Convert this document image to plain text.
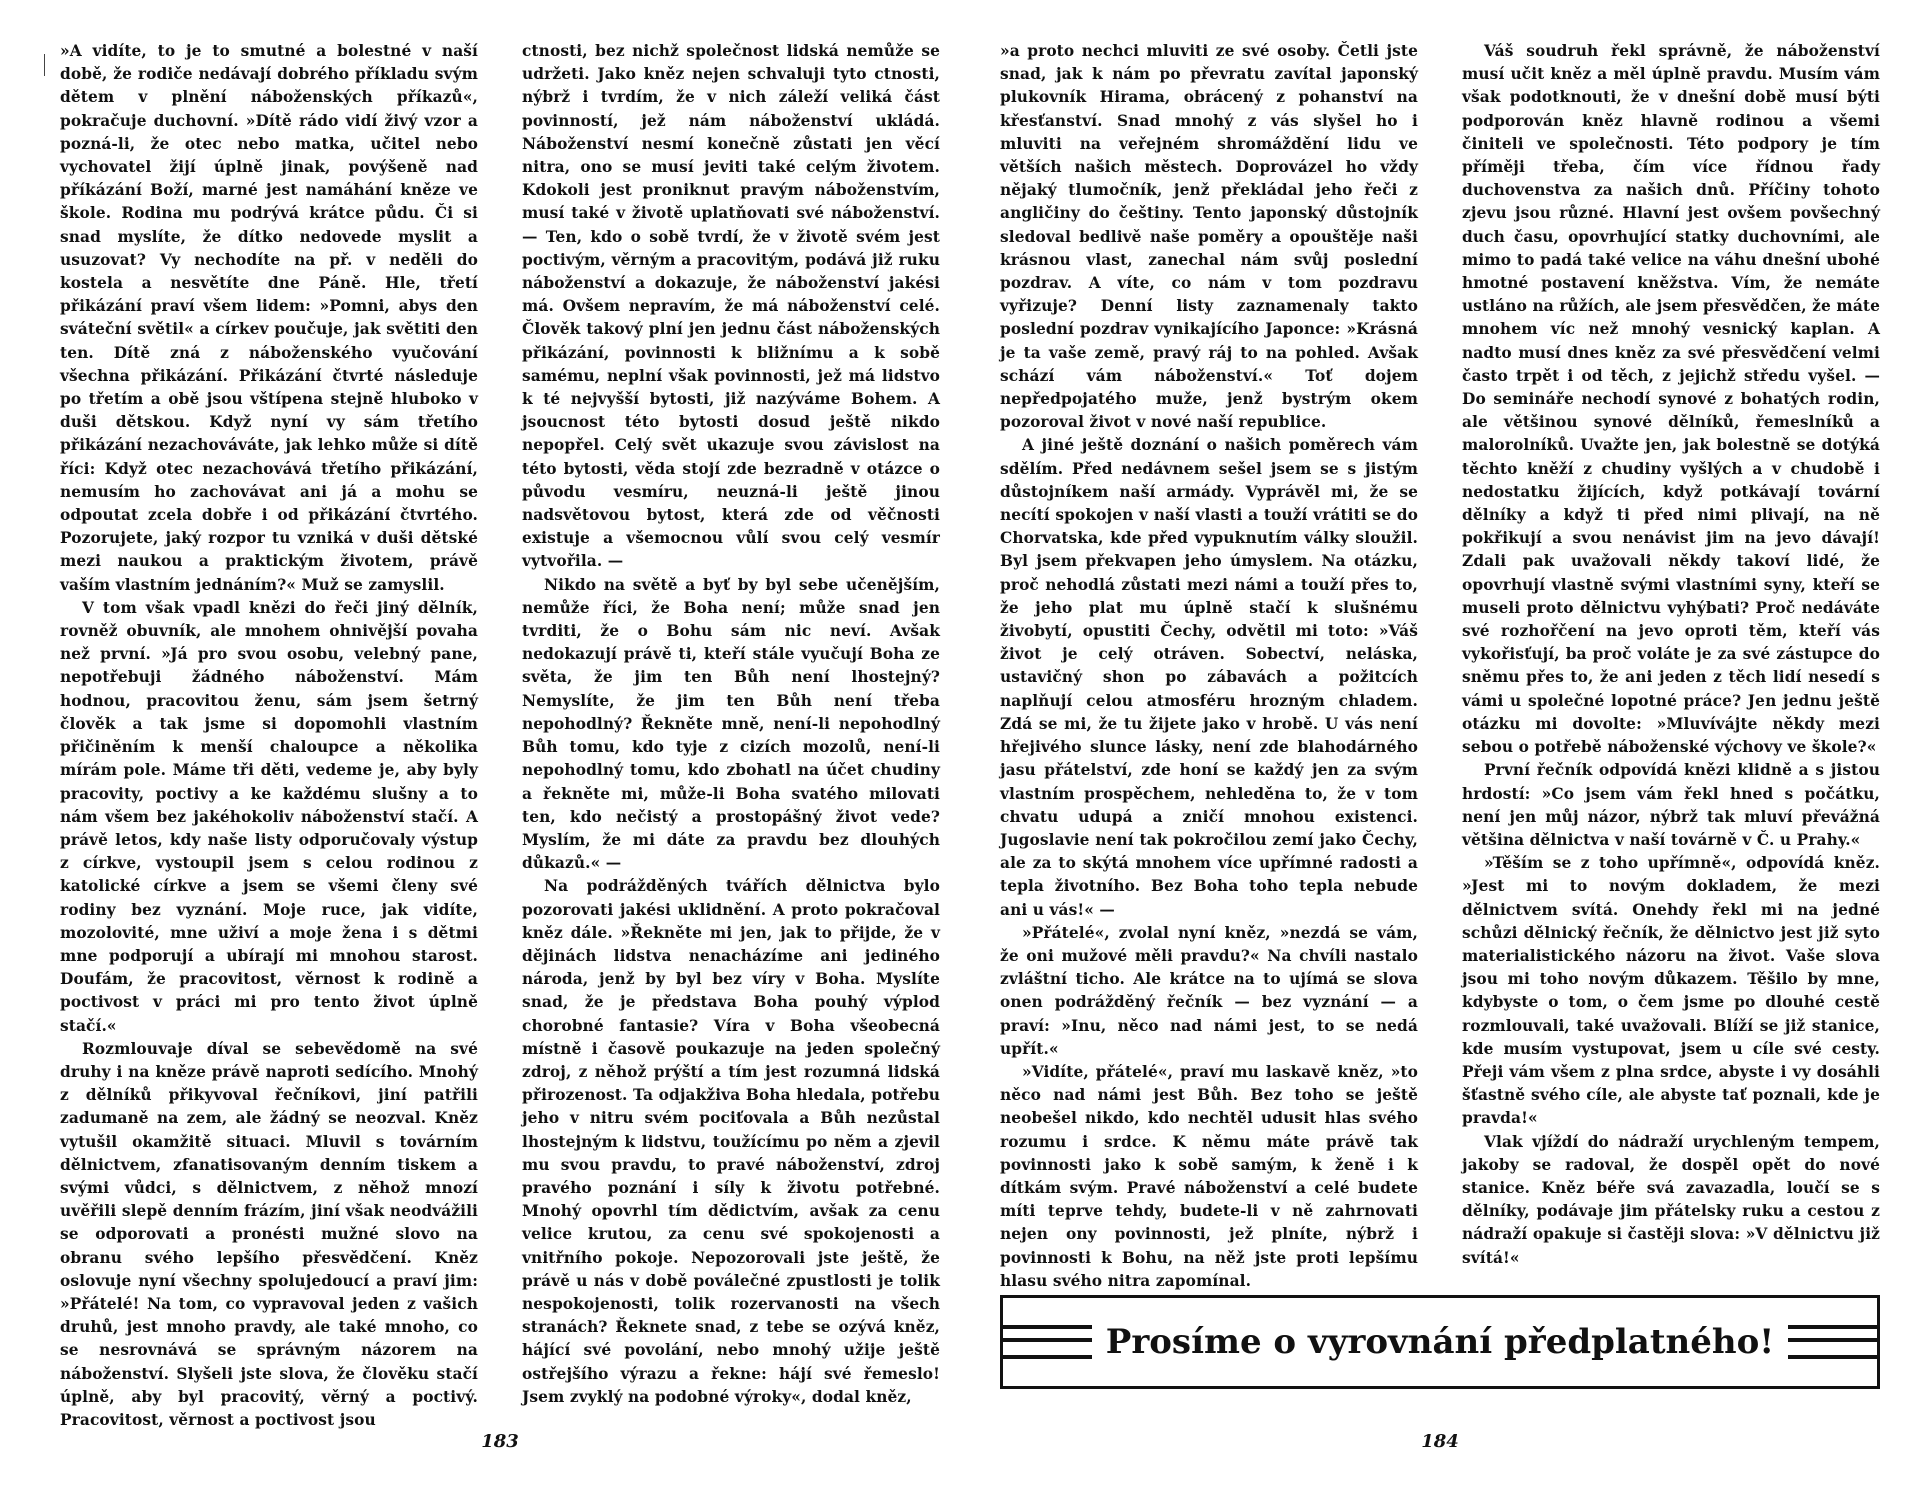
»A vidíte, to je to smutné a bolestné v naší době, že rodiče nedávají dobrého příkladu svým dětem v plnění náboženských příkazů«, pokračuje duchovní. »Dítě rádo vidí živý vzor a pozná-li, že otec nebo matka, učitel nebo vychovatel žijí úplně jinak, povýšeně nad příkázání Boží, marné jest namáhání kněze ve škole. Rodina mu podrývá krátce půdu. Či si snad myslíte, že dítko nedovede myslit a usuzovat? Vy nechodíte na př. v neděli do kostela a nesvětíte dne Páně. Hle, třetí přikázání praví všem lidem: »Pomni, abys den sváteční světil« a církev poučuje, jak světiti den ten. Dítě zná z náboženského vyučování všechna přikázání. Přikázání čtvrté následuje po třetím a obě jsou vštípena stejně hluboko v duši dětskou. Když nyní vy sám třetího přikázání nezachováváte, jak lehko může si dítě říci: Když otec nezachovává třetího přikázání, nemusím ho zachovávat ani já a mohu se odpoutat zcela dobře i od přikázání čtvrtého. Pozorujete, jaký rozpor tu vzniká v duši dětské mezi naukou a praktickým životem, právě vaším vlastním jednáním?« Muž se zamyslil.

V tom však vpadl knězi do řeči jiný dělník, rovněž obuvník, ale mnohem ohnivější povaha než první. »Já pro svou osobu, velebný pane, nepotřebuji žádného náboženství. Mám hodnou, pracovitou ženu, sám jsem šetrný člověk a tak jsme si dopomohli vlastním přičiněním k menší chaloupce a několika mírám pole. Máme tři děti, vedeme je, aby byly pracovity, poctivy a ke každému slušny a to nám všem bez jakéhokoliv náboženství stačí. A právě letos, kdy naše listy odporučovaly výstup z církve, vystoupil jsem s celou rodinou z katolické církve a jsem se všemi členy své rodiny bez vyznání. Moje ruce, jak vidíte, mozolovité, mne uživí a moje žena i s dětmi mne podporují a ubírají mi mnohou starost. Doufám, že pracovitost, věrnost k rodině a poctivost v práci mi pro tento život úplně stačí.«

Rozmlouvaje díval se sebevědomě na své druhy i na kněze právě naproti sedícího. Mnohý z dělníků přikyvoval řečníkovi, jiní patřili zadumaně na zem, ale žádný se neozval. Kněz vytušil okamžitě situaci. Mluvil s továrním dělnictvem, zfanatisovaným denním tiskem a svými vůdci, s dělnictvem, z něhož mnozí uvěřili slepě denním frázím, jiní však neodvážili se odporovati a pronésti mužné slovo na obranu svého lepšího přesvědčení. Kněz oslovuje nyní všechny spolujedoucí a praví jim: »Přátelé! Na tom, co vypravoval jeden z vašich druhů, jest mnoho pravdy, ale také mnoho, co se nesrovnává se správným názorem na náboženství. Slyšeli jste slova, že člověku stačí úplně, aby byl pracovitý, věrný a poctivý. Pracovitost, věrnost a poctivost jsou

ctnosti, bez nichž společnost lidská nemůže se udržeti. Jako kněz nejen schvaluji tyto ctnosti, nýbrž i tvrdím, že v nich záleží veliká část povinností, jež nám náboženství ukládá. Náboženství nesmí konečně zůstati jen věcí nitra, ono se musí jeviti také celým životem. Kdokoli jest proniknut pravým náboženstvím, musí také v životě uplatňovati své náboženství. — Ten, kdo o sobě tvrdí, že v životě svém jest poctivým, věrným a pracovitým, podává již ruku náboženství a dokazuje, že náboženství jakési má. Ovšem nepravím, že má náboženství celé. Člověk takový plní jen jednu část náboženských přikázání, povinnosti k bližnímu a k sobě samému, neplní však povinnosti, jež má lidstvo k té nejvyšší bytosti, již nazýváme Bohem. A jsoucnost této bytosti dosud ještě nikdo nepopřel. Celý svět ukazuje svou závislost na této bytosti, věda stojí zde bezradně v otázce o původu vesmíru, neuzná-li ještě jinou nadsvětovou bytost, která zde od věčnosti existuje a všemocnou vůlí svou celý vesmír vytvořila. —

Nikdo na světě a byť by byl sebe učenějším, nemůže říci, že Boha není; může snad jen tvrditi, že o Bohu sám nic neví. Avšak nedokazují právě ti, kteří stále vyučují Boha ze světa, že jim ten Bůh není lhostejný? Nemyslíte, že jim ten Bůh není třeba nepohodlný? Řekněte mně, není-li nepohodlný Bůh tomu, kdo tyje z cizích mozolů, není-li nepohodlný tomu, kdo zbohatl na účet chudiny a řekněte mi, může-li Boha svatého milovati ten, kdo nečistý a prostopášný život vede? Myslím, že mi dáte za pravdu bez dlouhých důkazů.« —

Na podrážděných tvářích dělnictva bylo pozorovati jakési uklidnění. A proto pokračoval kněz dále. »Řekněte mi jen, jak to přijde, že v dějinách lidstva nenacházíme ani jediného národa, jenž by byl bez víry v Boha. Myslíte snad, že je představa Boha pouhý výplod chorobné fantasie? Víra v Boha všeobecná místně i časově poukazuje na jeden společný zdroj, z něhož prýští a tím jest rozumná lidská přirozenost. Ta odjakživa Boha hledala, potřebu jeho v nitru svém pociťovala a Bůh nezůstal lhostejným k lidstvu, toužícímu po něm a zjevil mu svou pravdu, to pravé náboženství, zdroj pravého poznání i síly k životu potřebné. Mnohý opovrhl tím dědictvím, avšak za cenu velice krutou, za cenu své spokojenosti a vnitřního pokoje. Nepozorovali jste ještě, že právě u nás v době poválečné zpustlosti je tolik nespokojenosti, tolik rozervanosti na všech stranách? Řeknete snad, z tebe se ozývá kněz, hájící své povolání, nebo mnohý užije ještě ostřejšího výrazu a řekne: hájí své řemeslo! Jsem zvyklý na podobné výroky«, dodal kněz,

183

»a proto nechci mluviti ze své osoby. Četli jste snad, jak k nám po převratu zavítal japonský plukovník Hirama, obrácený z pohanství na křesťanství. Snad mnohý z vás slyšel ho i mluviti na veřejném shromáždění lidu ve větších našich městech. Doprovázel ho vždy nějaký tlumočník, jenž překládal jeho řeči z angličiny do češtiny. Tento japonský důstojník sledoval bedlivě naše poměry a opouštěje naši krásnou vlast, zanechal nám svůj poslední pozdrav. A víte, co nám v tom pozdravu vyřizuje? Denní listy zaznamenaly takto poslední pozdrav vynikajícího Japonce: »Krásná je ta vaše země, pravý ráj to na pohled. Avšak schází vám náboženství.« Toť dojem nepředpojatého muže, jenž bystrým okem pozoroval život v nové naší republice.

A jiné ještě doznání o našich poměrech vám sdělím. Před nedávnem sešel jsem se s jistým důstojníkem naší armády. Vyprávěl mi, že se necítí spokojen v naší vlasti a touží vrátiti se do Chorvatska, kde před vypuknutím války sloužil. Byl jsem překvapen jeho úmyslem. Na otázku, proč nehodlá zůstati mezi námi a touží přes to, že jeho plat mu úplně stačí k slušnému živobytí, opustiti Čechy, odvětil mi toto: »Váš život je celý otráven. Sobectví, neláska, ustavičný shon po zábavách a požitcích naplňují celou atmosféru hrozným chladem. Zdá se mi, že tu žijete jako v hrobě. U vás není hřejivého slunce lásky, není zde blahodárného jasu přátelství, zde honí se každý jen za svým vlastním prospěchem, nehleděna to, že v tom chvatu udupá a zničí mnohou existenci. Jugoslavie není tak pokročilou zemí jako Čechy, ale za to skýtá mnohem více upřímné radosti a tepla životního. Bez Boha toho tepla nebude ani u vás!« —

»Přátelé«, zvolal nyní kněz, »nezdá se vám, že oni mužové měli pravdu?« Na chvíli nastalo zvláštní ticho. Ale krátce na to ujímá se slova onen podrážděný řečník — bez vyznání — a praví: »Inu, něco nad námi jest, to se nedá upřít.«

»Vidíte, přátelé«, praví mu laskavě kněz, »to něco nad námi jest Bůh. Bez toho se ještě neobešel nikdo, kdo nechtěl udusit hlas svého rozumu i srdce. K němu máte právě tak povinnosti jako k sobě samým, k ženě i k dítkám svým. Pravé náboženství a celé budete míti teprve tehdy, budete-li v ně zahrnovati nejen ony povinnosti, jež plníte, nýbrž i povinnosti k Bohu, na něž jste proti lepšímu hlasu svého nitra zapomínal.

Váš soudruh řekl správně, že náboženství musí učit kněz a měl úplně pravdu. Musím vám však podotknouti, že v dnešní době musí býti podporován kněz hlavně rodinou a všemi činiteli ve společnosti. Této podpory je tím příměji třeba, čím více řídnou řady duchovenstva za našich dnů. Příčiny tohoto zjevu jsou různé. Hlavní jest ovšem povšechný duch času, opovrhující statky duchovními, ale mimo to padá také velice na váhu dnešní ubohé hmotné postavení kněžstva. Vím, že nemáte ustláno na růžích, ale jsem přesvědčen, že máte mnohem víc než mnohý vesnický kaplan. A nadto musí dnes kněz za své přesvědčení velmi často trpět i od těch, z jejichž středu vyšel. — Do semináře nechodí synové z bohatých rodin, ale většinou synové dělníků, řemeslníků a malorolníků. Uvažte jen, jak bolestně se dotýká těchto kněží z chudiny vyšlých a v chudobě i nedostatku žijících, když potkávají tovární dělníky a když ti před nimi plivají, na ně pokřikují a svou nenávist jim na jevo dávají! Zdali pak uvažovali někdy takoví lidé, že opovrhují vlastně svými vlastními syny, kteří se museli proto dělnictvu vyhýbati? Proč nedáváte své rozhořčení na jevo oproti těm, kteří vás vykořisťují, ba proč voláte je za své zástupce do sněmu přes to, že ani jeden z těch lidí nesedí s vámi u společné lopotné práce? Jen jednu ještě otázku mi dovolte: »Mluvívájte někdy mezi sebou o potřebě náboženské výchovy ve škole?«

První řečník odpovídá knězi klidně a s jistou hrdostí: »Co jsem vám řekl hned s počátku, není jen můj názor, nýbrž tak mluví převážná většina dělnictva v naší továrně v Č. u Prahy.«

»Těším se z toho upřímně«, odpovídá kněz. »Jest mi to novým dokladem, že mezi dělnictvem svítá. Onehdy řekl mi na jedné schůzi dělnický řečník, že dělnictvo jest již syto materialistického názoru na život. Vaše slova jsou mi toho novým důkazem. Těšilo by mne, kdybyste o tom, o čem jsme po dlouhé cestě rozmlouvali, také uvažovali. Blíží se již stanice, kde musím vystupovat, jsem u cíle své cesty. Přeji vám všem z plna srdce, abyste i vy dosáhli šťastně svého cíle, ale abyste tať poznali, kde je pravda!«

Vlak vjíždí do nádraží urychleným tempem, jakoby se radoval, že dospěl opět do nové stanice. Kněz béře svá zavazadla, loučí se s dělníky, podávaje jim přátelsky ruku a cestou z nádraží opakuje si častěji slova: »V dělnictvu již svítá!«

Prosíme o vyrovnání předplatného!
184
